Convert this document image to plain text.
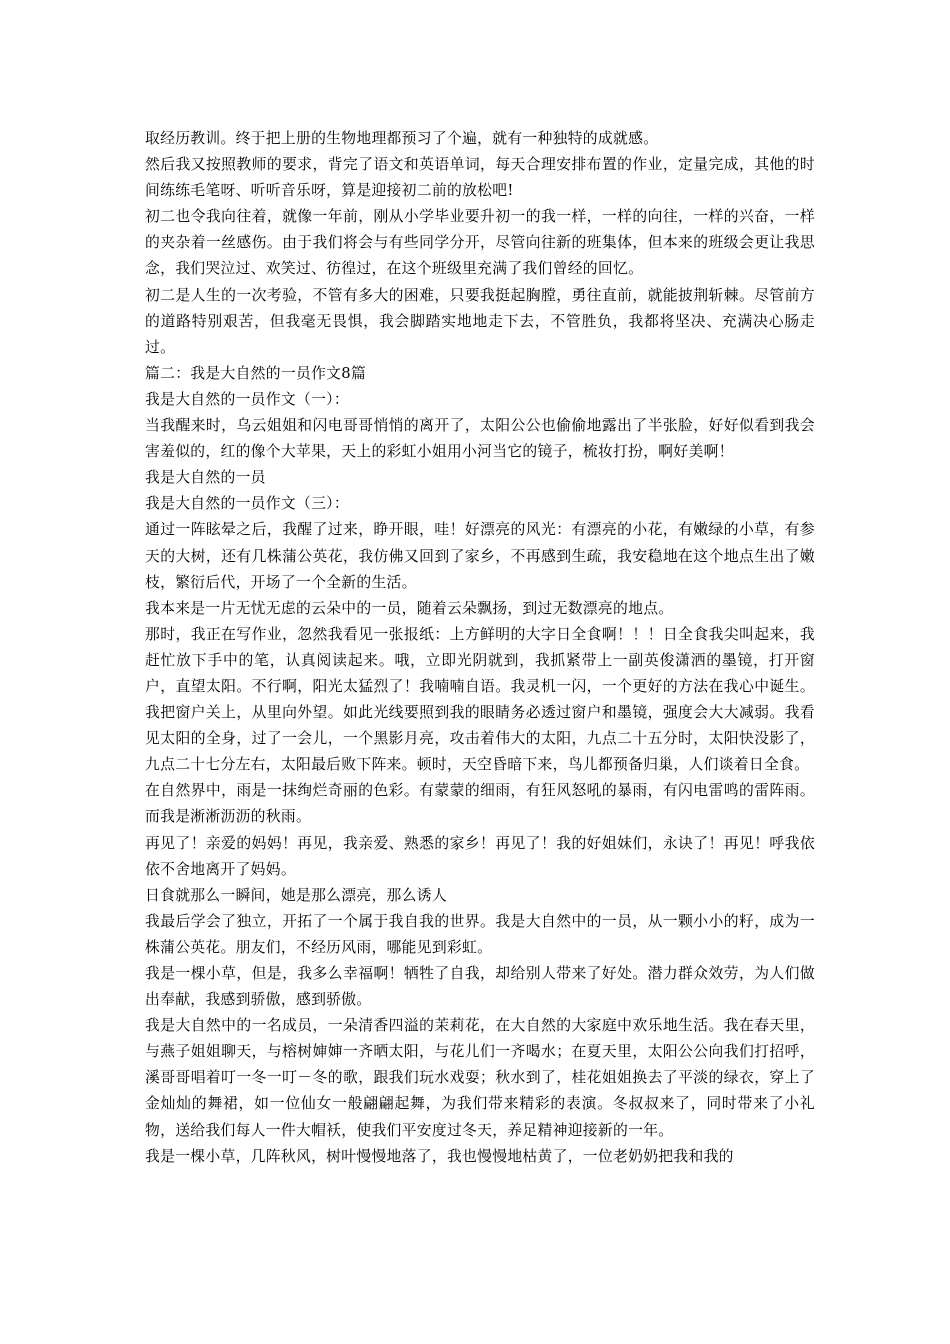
取经历教训。终于把上册的生物地理都预习了个遍，就有一种独特的成就感。

然后我又按照教师的要求，背完了语文和英语单词，每天合理安排布置的作业，定量完成，其他的时间练练毛笔呀、听听音乐呀，算是迎接初二前的放松吧!

初二也令我向往着，就像一年前，刚从小学毕业要升初一的我一样，一样的向往，一样的兴奋，一样的夹杂着一丝感伤。由于我们将会与有些同学分开，尽管向往新的班集体，但本来的班级会更让我思念，我们哭泣过、欢笑过、彷徨过，在这个班级里充满了我们曾经的回忆。

初二是人生的一次考验，不管有多大的困难，只要我挺起胸膛，勇往直前，就能披荆斩棘。尽管前方的道路特别艰苦，但我毫无畏惧，我会脚踏实地地走下去，不管胜负，我都将坚决、充满决心肠走过。

篇二：我是大自然的一员作文8篇

我是大自然的一员作文（一）：

当我醒来时，乌云姐姐和闪电哥哥悄悄的离开了，太阳公公也偷偷地露出了半张脸，好好似看到我会害羞似的，红的像个大苹果，天上的彩虹小姐用小河当它的镜子，梳妆打扮，啊好美啊！

我是大自然的一员

我是大自然的一员作文（三）：

通过一阵眩晕之后，我醒了过来，睁开眼，哇！好漂亮的风光：有漂亮的小花，有嫩绿的小草，有参天的大树，还有几株蒲公英花，我仿佛又回到了家乡，不再感到生疏，我安稳地在这个地点生出了嫩枝，繁衍后代，开场了一个全新的生活。

我本来是一片无忧无虑的云朵中的一员，随着云朵飘扬，到过无数漂亮的地点。

那时，我正在写作业，忽然我看见一张报纸：上方鲜明的大字日全食啊！！！日全食我尖叫起来，我赶忙放下手中的笔，认真阅读起来。哦，立即光阴就到，我抓紧带上一副英俊潇洒的墨镜，打开窗户，直望太阳。不行啊，阳光太猛烈了！我喃喃自语。我灵机一闪，一个更好的方法在我心中诞生。我把窗户关上，从里向外望。如此光线要照到我的眼睛务必透过窗户和墨镜，强度会大大减弱。我看见太阳的全身，过了一会儿，一个黑影月亮，攻击着伟大的太阳，九点二十五分时，太阳快没影了，九点二十七分左右，太阳最后败下阵来。顿时，天空昏暗下来，鸟儿都预备归巢，人们谈着日全食。

在自然界中，雨是一抹绚烂奇丽的色彩。有蒙蒙的细雨，有狂风怒吼的暴雨，有闪电雷鸣的雷阵雨。而我是淅淅沥沥的秋雨。

再见了！亲爱的妈妈！再见，我亲爱、熟悉的家乡！再见了！我的好姐妹们，永诀了！再见！呼我依依不舍地离开了妈妈。

日食就那么一瞬间，她是那么漂亮，那么诱人

我最后学会了独立，开拓了一个属于我自我的世界。我是大自然中的一员，从一颗小小的籽，成为一株蒲公英花。朋友们，不经历风雨，哪能见到彩虹。

我是一棵小草，但是，我多么幸福啊！牺牲了自我，却给别人带来了好处。潜力群众效劳，为人们做出奉献，我感到骄傲，感到骄傲。

我是大自然中的一名成员，一朵清香四溢的茉莉花，在大自然的大家庭中欢乐地生活。我在春天里，与燕子姐姐聊天，与榕树婶婶一齐晒太阳，与花儿们一齐喝水；在夏天里，太阳公公向我们打招呼，溪哥哥唱着叮一冬一叮－冬的歌，跟我们玩水戏耍；秋水到了，桂花姐姐换去了平淡的绿衣，穿上了金灿灿的舞裙，如一位仙女一般翩翩起舞，为我们带来精彩的表演。冬叔叔来了，同时带来了小礼物，送给我们每人一件大帽袄，使我们平安度过冬天，养足精神迎接新的一年。

我是一棵小草，几阵秋风，树叶慢慢地落了，我也慢慢地枯黄了，一位老奶奶把我和我的
